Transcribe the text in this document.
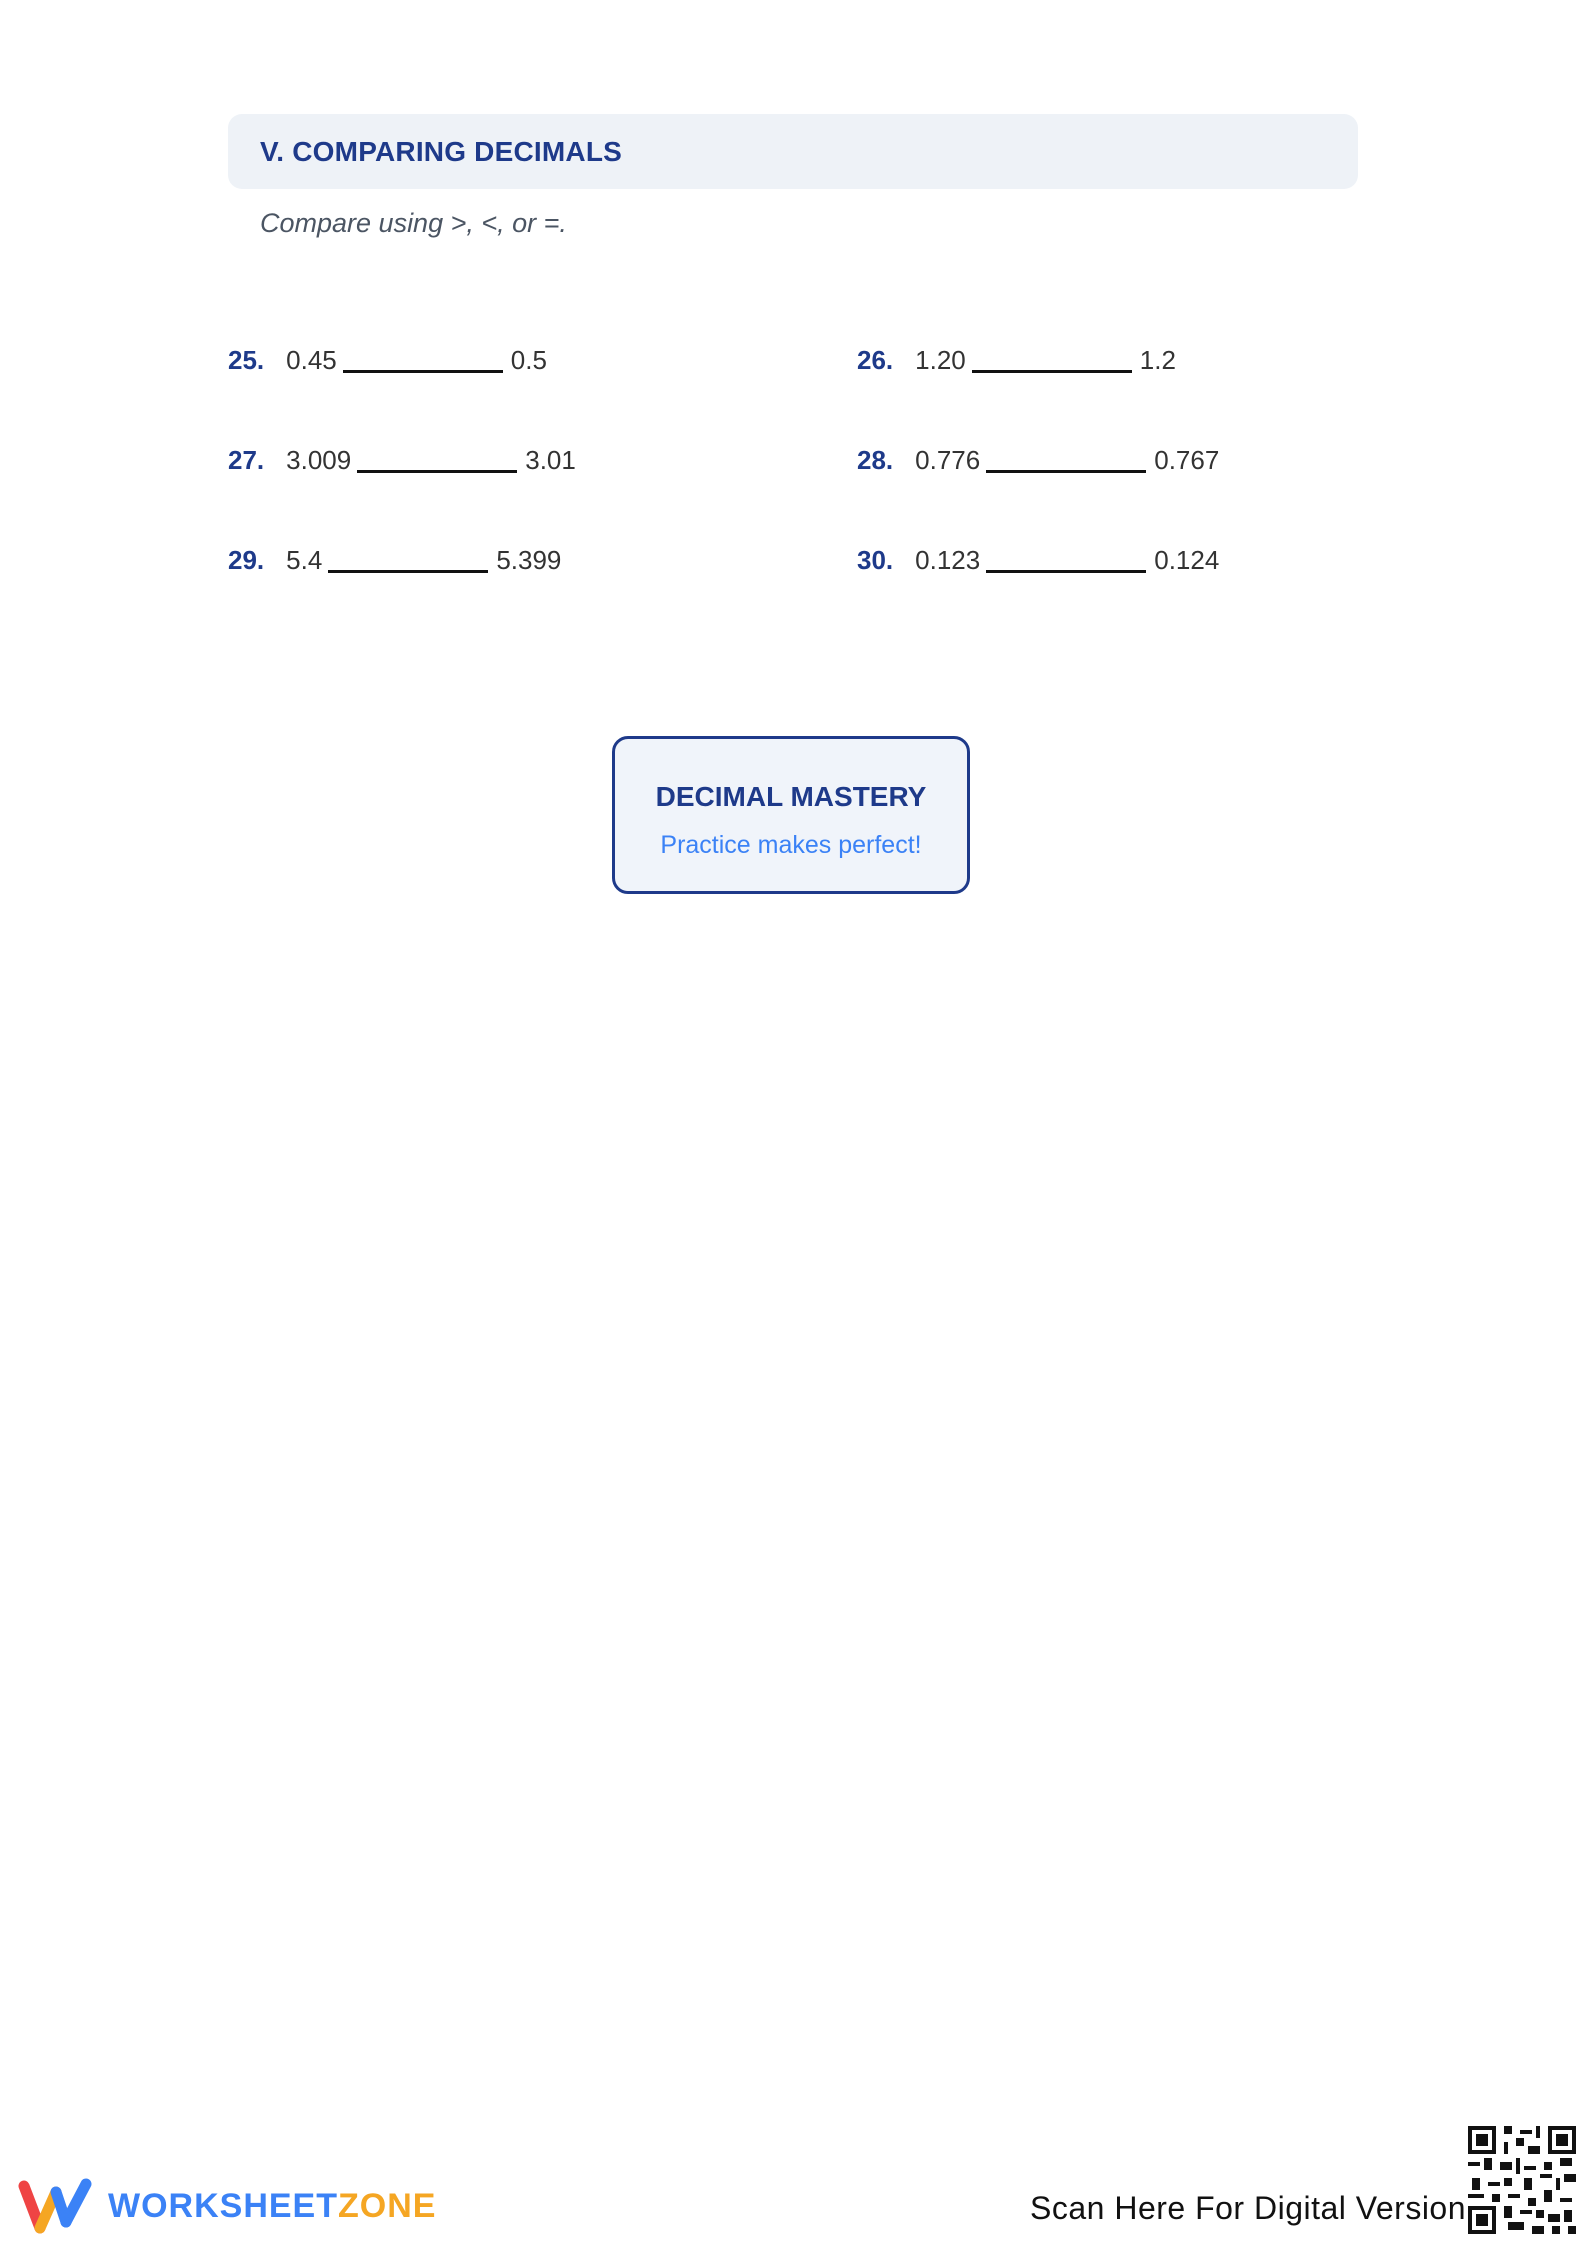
V. COMPARING DECIMALS
Compare using >, <, or =.
25. 0.45	0.5	26. 1.20	1.2
27. 3.009	3.01	28. 0.776	0.767
29. 5.4	5.399	30. 0.123	0.124
DECIMAL MASTERY
Practice makes perfect!
WORKSHEETZONE	Scan Here For Digital Version
